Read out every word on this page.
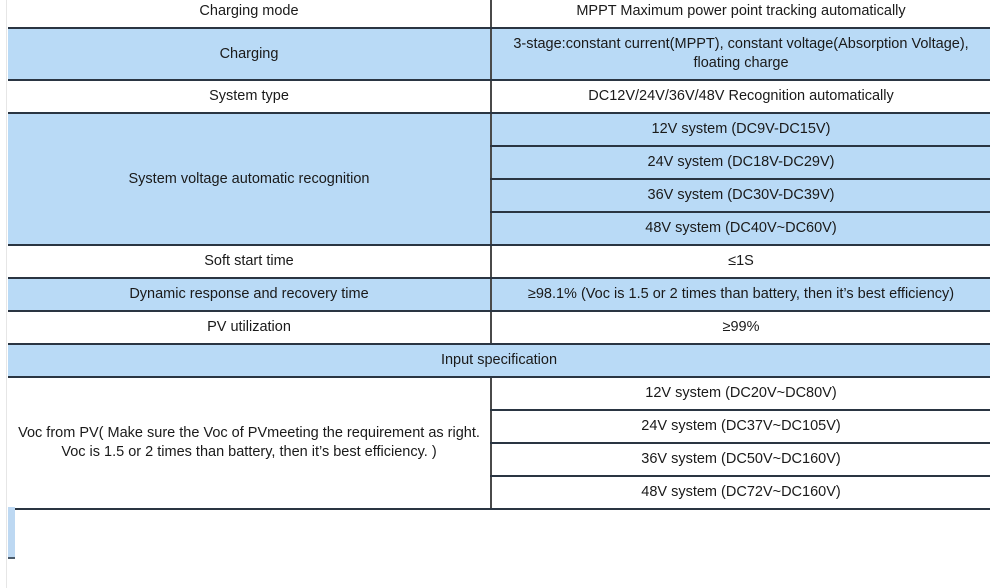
Charging mode	MPPT Maximum power point tracking automatically
Charging	3-stage:constant current(MPPT), constant voltage(Absorption Voltage),
floating charge
System type	DC12V/24V/36V/48V Recognition automatically
System voltage automatic recognition	12V system (DC9V-DC15V)
	24V system (DC18V-DC29V)
	36V system (DC30V-DC39V)
	48V system (DC40V~DC60V)
Soft start time	≤1S
Dynamic response and recovery time	≥98.1% (Voc is 1.5 or 2 times than battery, then it’s best efficiency)
PV utilization	≥99%
Input specification	
Voc from PV( Make sure the Voc of PVmeeting the requirement as right.
Voc is 1.5 or 2 times than battery, then it’s best efficiency. )	12V system (DC20V~DC80V)
	24V system (DC37V~DC105V)
	36V system (DC50V~DC160V)
	48V system (DC72V~DC160V)
